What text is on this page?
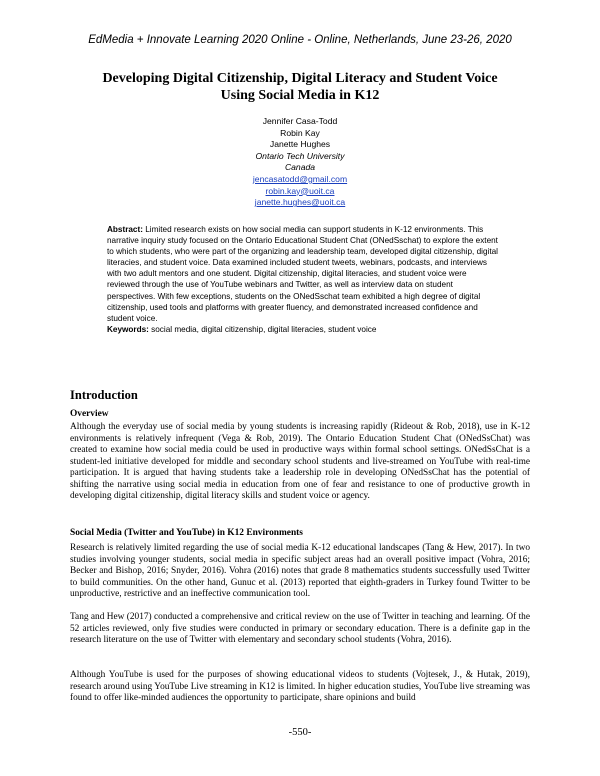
EdMedia + Innovate Learning 2020 Online - Online, Netherlands, June 23-26, 2020
Developing Digital Citizenship, Digital Literacy and Student Voice Using Social Media in K12
Jennifer Casa-Todd
Robin Kay
Janette Hughes
Ontario Tech University
Canada
jencasatodd@gmail.com
robin.kay@uoit.ca
janette.hughes@uoit.ca
Abstract: Limited research exists on how social media can support students in K-12 environments. This narrative inquiry study focused on the Ontario Educational Student Chat (ONedSschat) to explore the extent to which students, who were part of the organizing and leadership team, developed digital citizenship, digital literacies, and student voice. Data examined included student tweets, webinars, podcasts, and interviews with two adult mentors and one student. Digital citizenship, digital literacies, and student voice were reviewed through the use of YouTube webinars and Twitter, as well as interview data on student perspectives. With few exceptions, students on the ONedSschat team exhibited a high degree of digital citizenship, used tools and platforms with greater fluency, and demonstrated increased confidence and student voice.
Keywords: social media, digital citizenship, digital literacies, student voice
Introduction
Overview
Although the everyday use of social media by young students is increasing rapidly (Rideout & Rob, 2018), use in K-12 environments is relatively infrequent (Vega & Rob, 2019). The Ontario Education Student Chat (ONedSsChat) was created to examine how social media could be used in productive ways within formal school settings. ONedSsChat is a student-led initiative developed for middle and secondary school students and live-streamed on YouTube with real-time participation. It is argued that having students take a leadership role in developing ONedSsChat has the potential of shifting the narrative using social media in education from one of fear and resistance to one of productive growth in developing digital citizenship, digital literacy skills and student voice or agency.
Social Media (Twitter and YouTube) in K12 Environments
Research is relatively limited regarding the use of social media K-12 educational landscapes (Tang & Hew, 2017). In two studies involving younger students, social media in specific subject areas had an overall positive impact (Vohra, 2016; Becker and Bishop, 2016; Snyder, 2016). Vohra (2016) notes that grade 8 mathematics students successfully used Twitter to build communities. On the other hand, Gunuc et al. (2013) reported that eighth-graders in Turkey found Twitter to be unproductive, restrictive and an ineffective communication tool.
Tang and Hew (2017) conducted a comprehensive and critical review on the use of Twitter in teaching and learning. Of the 52 articles reviewed, only five studies were conducted in primary or secondary education. There is a definite gap in the research literature on the use of Twitter with elementary and secondary school students (Vohra, 2016).
Although YouTube is used for the purposes of showing educational videos to students (Vojtesek, J., & Hutak, 2019), research around using YouTube Live streaming in K12 is limited. In higher education studies, YouTube live streaming was found to offer like-minded audiences the opportunity to participate, share opinions and build
-550-
